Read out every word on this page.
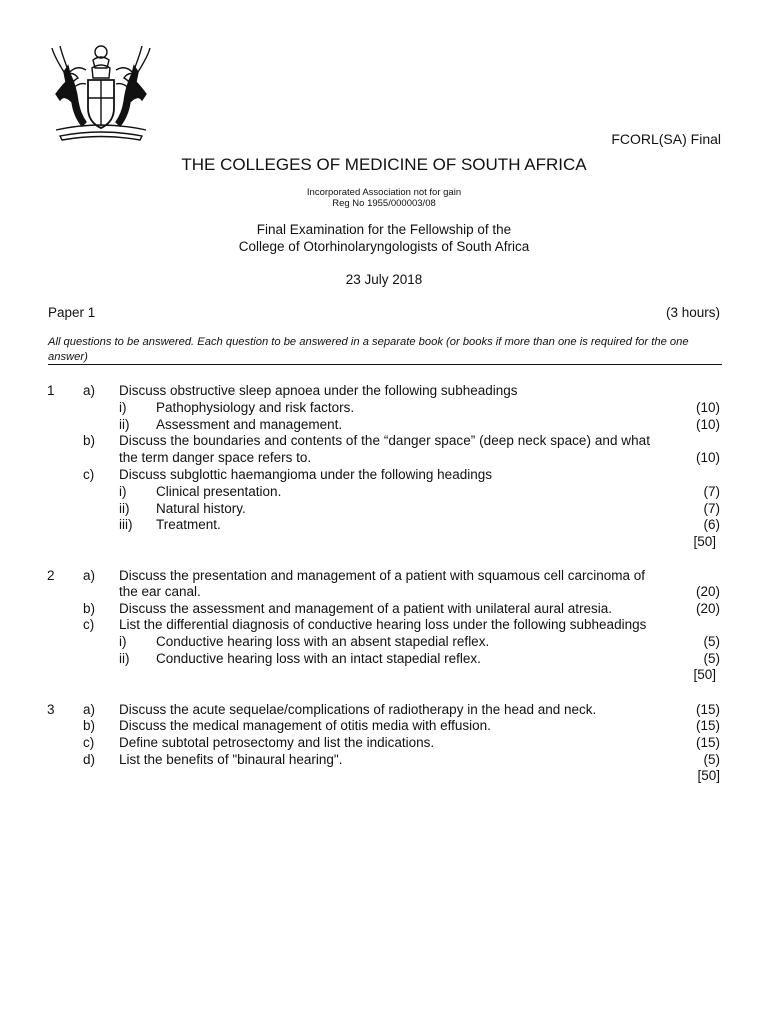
FCORL(SA) Final
THE COLLEGES OF MEDICINE OF SOUTH AFRICA
Incorporated Association not for gain
Reg No 1955/000003/08
Final Examination for the Fellowship of the
College of Otorhinolaryngologists of South Africa
23 July 2018
Paper 1	(3 hours)
All questions to be answered. Each question to be answered in a separate book (or books if more than one is required for the one answer)
1 a) Discuss obstructive sleep apnoea under the following subheadings
i) Pathophysiology and risk factors.	(10)
ii) Assessment and management.	(10)
b) Discuss the boundaries and contents of the “danger space” (deep neck space) and what
the term danger space refers to.	(10)
c) Discuss subglottic haemangioma under the following headings
i) Clinical presentation.	(7)
ii) Natural history.	(7)
iii) Treatment.	(6)
[50]
2 a) Discuss the presentation and management of a patient with squamous cell carcinoma of
the ear canal.	(20)
b) Discuss the assessment and management of a patient with unilateral aural atresia.	(20)
c) List the differential diagnosis of conductive hearing loss under the following subheadings
i) Conductive hearing loss with an absent stapedial reflex.	(5)
ii) Conductive hearing loss with an intact stapedial reflex.	(5)
[50]
3 a) Discuss the acute sequelae/complications of radiotherapy in the head and neck.	(15)
b) Discuss the medical management of otitis media with effusion.	(15)
c) Define subtotal petrosectomy and list the indications.	(15)
d) List the benefits of "binaural hearing".	(5)
[50]
